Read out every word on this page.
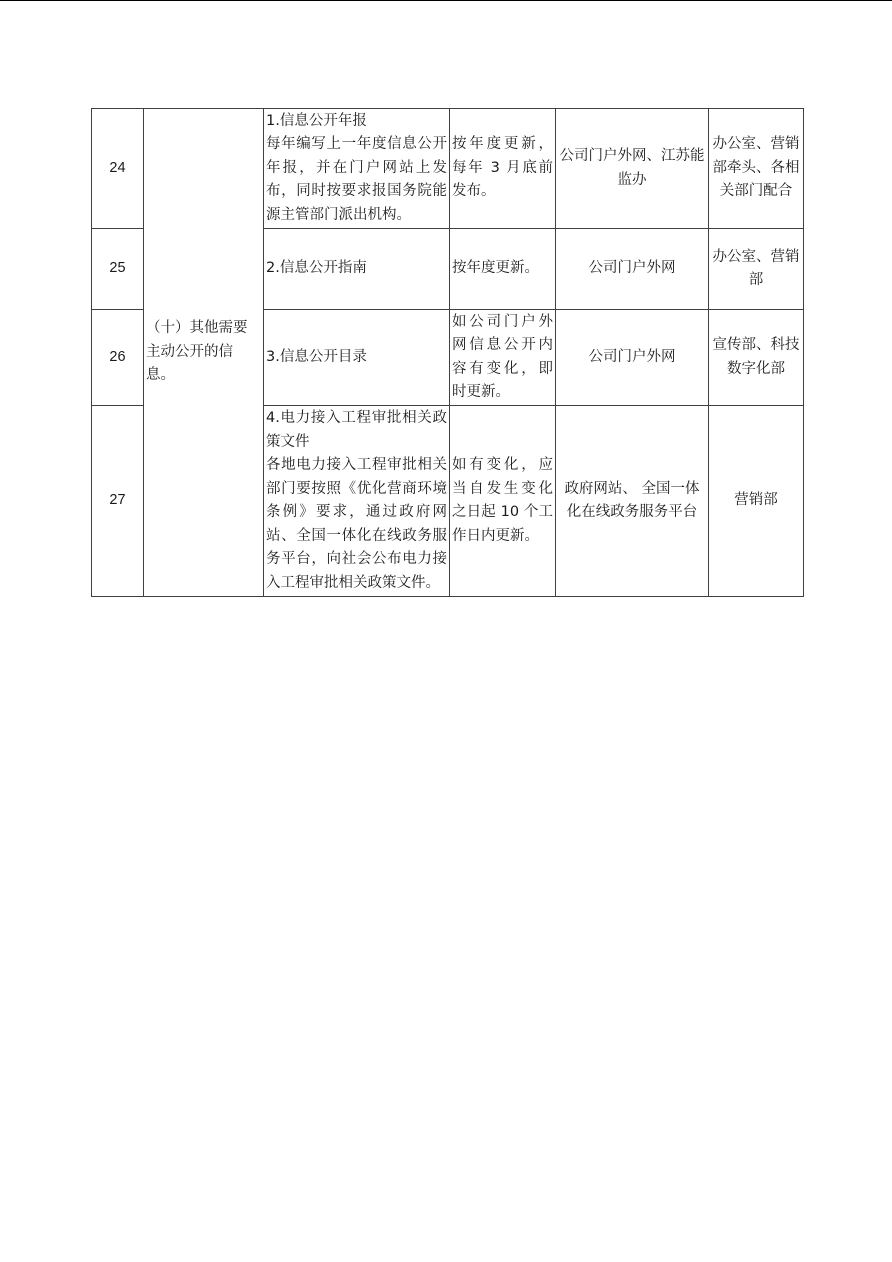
24	（十）其他需要主动公开的信息。	1.信息公开年报
每年编写上一年度信息公开年报，并在门户网站上发布，同时按要求报国务院能源主管部门派出机构。	按年度更新，每年 3 月底前发布。	公司门户外网、江苏能监办	办公室、营销部牵头、各相关部门配合
25		2.信息公开指南	按年度更新。	公司门户外网	办公室、营销部
26		3.信息公开目录	如公司门户外网信息公开内容有变化，即时更新。	公司门户外网	宣传部、科技数字化部
27		4.电力接入工程审批相关政策文件
各地电力接入工程审批相关部门要按照《优化营商环境条例》要求，通过政府网站、全国一体化在线政务服务平台，向社会公布电力接入工程审批相关政策文件。	如有变化，应当自发生变化之日起 10 个工作日内更新。	政府网站、 全国一体化在线政务服务平台	营销部
